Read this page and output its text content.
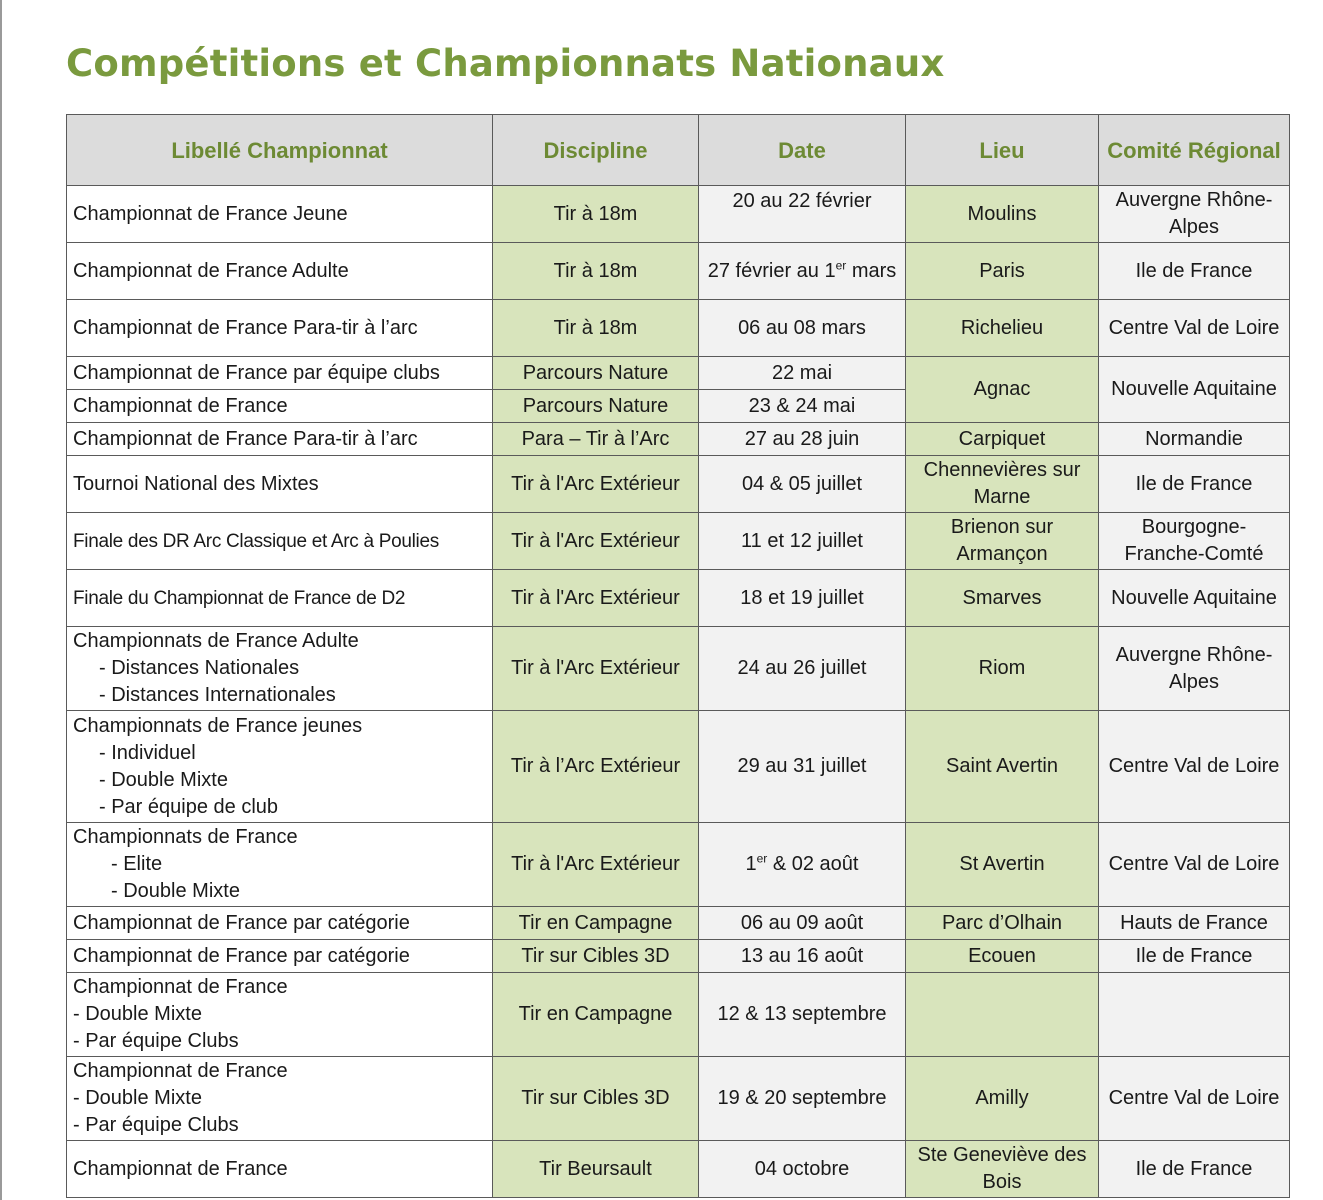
Compétitions et Championnats Nationaux
Libellé Championnat	Discipline	Date	Lieu	Comité Régional
Championnat de France Jeune	Tir à 18m	20 au 22 février	Moulins	Auvergne Rhône-Alpes
Championnat de France Adulte	Tir à 18m	27 février au 1er mars	Paris	Ile de France
Championnat de France Para-tir à l’arc	Tir à 18m	06 au 08 mars	Richelieu	Centre Val de Loire
Championnat de France par équipe clubs	Parcours Nature	22 mai	Agnac	Nouvelle Aquitaine
Championnat de France	Parcours Nature	23 & 24 mai		
Championnat de France Para-tir à l’arc	Para – Tir à l’Arc	27 au 28 juin	Carpiquet	Normandie
Tournoi National des Mixtes	Tir à l'Arc Extérieur	04 & 05 juillet	Chennevières sur Marne	Ile de France
Finale des DR Arc Classique et Arc à Poulies	Tir à l'Arc Extérieur	11 et 12 juillet	Brienon sur Armançon	Bourgogne-Franche-Comté
Finale du Championnat de France de D2	Tir à l'Arc Extérieur	18 et 19 juillet	Smarves	Nouvelle Aquitaine

Championnats de France Adulte
- Distances Nationales
- Distances Internationales	Tir à l'Arc Extérieur	24 au 26 juillet	Riom	Auvergne Rhône-Alpes

Championnats de France jeunes
- Individuel
- Double Mixte
- Par équipe de club	Tir à l’Arc Extérieur	29 au 31 juillet	Saint Avertin	Centre Val de Loire

Championnats de France
- Elite
- Double Mixte	Tir à l'Arc Extérieur	1er & 02 août	St Avertin	Centre Val de Loire
Championnat de France par catégorie	Tir en Campagne	06 au 09 août	Parc d’Olhain	Hauts de France
Championnat de France par catégorie	Tir sur Cibles 3D	13 au 16 août	Ecouen	Ile de France

Championnat de France
- Double Mixte
- Par équipe Clubs	Tir en Campagne	12 & 13 septembre		

Championnat de France
- Double Mixte
- Par équipe Clubs	Tir sur Cibles 3D	19 & 20 septembre	Amilly	Centre Val de Loire
Championnat de France	Tir Beursault	04 octobre	Ste Geneviève des Bois	Ile de France
